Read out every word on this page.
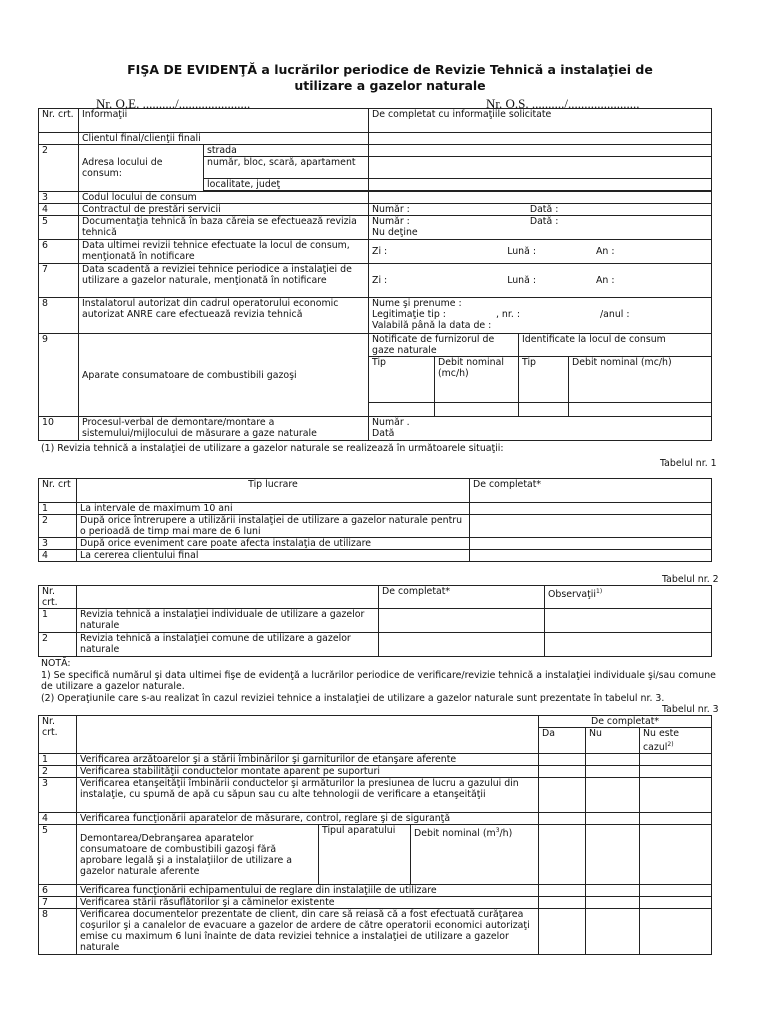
FIŞA DE EVIDENŢĂ a lucrărilor periodice de Revizie Tehnică a instalaţiei de
utilizare a gazelor naturale
Nr. O.E. ........../......................	Nr. O.S. ........../......................
Nr. crt.	Informaţii		De completat cu informaţiile solicitate			
	Clientul final/clienţii finali					
2	Adresa locului de consum:	strada				
		număr, bloc, scară, apartament				
		localitate, judeţ				

3	Codul locului de consum					
4	Contractul de prestări servicii		Număr : Dată :			
5	Documentaţia tehnică în baza căreia se efectuează revizia tehnică		Număr : Dată :
Nu deţine			

6	Data ultimei revizii tehnice efectuate la locul de consum, menţionată în notificare		Zi : Lună : An :			
7	Data scadentă a reviziei tehnice periodice a instalaţiei de utilizare a gazelor naturale, menţionată în notificare		Zi : Lună : An :			
8	Instalatorul autorizat din cadrul operatorului economic autorizat ANRE care efectuează revizia tehnică		Nume şi prenume :
Legitimaţie tip : , nr. : /anul :
Valabilă până la data de :			

9	Aparate consumatoare de combustibili gazoşi		Notificate de furnizorul de gaze naturale		Identificate la locul de consum	
			Tip	Debit nominal (mc/h)	Tip	Debit nominal (mc/h)

10	Procesul-verbal de demontare/montare a sistemului/mijlocului de măsurare a gaze naturale		Număr .
Dată			
(1) Revizia tehnică a instalaţiei de utilizare a gazelor naturale se realizează în următoarele situaţii:
Tabelul nr. 1
Nr. crt	Tip lucrare	De completat*
1	La intervale de maximum 10 ani	
2	După orice întrerupere a utilizării instalaţiei de utilizare a gazelor naturale pentru o perioadă de timp mai mare de 6 luni	
3	După orice eveniment care poate afecta instalaţia de utilizare	
4	La cererea clientului final	
Tabelul nr. 2
Nr. crt.		De completat*	Observaţii$^{1)}$
1	Revizia tehnică a instalaţiei individuale de utilizare a gazelor naturale		
2	Revizia tehnică a instalaţiei comune de utilizare a gazelor naturale		
NOTĂ:
1) Se specifică numărul şi data ultimei fişe de evidenţă a lucrărilor periodice de verificare/revizie tehnică a instalaţiei individuale şi/sau comune de utilizare a gazelor naturale.
(2) Operaţiunile care s-au realizat în cazul reviziei tehnice a instalaţiei de utilizare a gazelor naturale sunt prezentate în tabelul nr. 3.
Tabelul nr. 3
Nr. crt.				De completat*		
				Da	Nu	Nu este cazul$^{2)}$
1	Verificarea arzătoarelor şi a stării îmbinărilor şi garniturilor de etanşare aferente					
2	Verificarea stabilităţii conductelor montate aparent pe suporturi					
3	Verificarea etanşeităţii îmbinării conductelor şi armăturilor la presiunea de lucru a gazului din instalaţie, cu spumă de apă cu săpun sau cu alte tehnologii de verificare a etanşeităţii					
4	Verificarea funcţionării aparatelor de măsurare, control, reglare şi de siguranţă					
5	Demontarea/Debranşarea aparatelor consumatoare de combustibili gazoşi fără aprobare legală şi a instalaţiilor de utilizare a gazelor naturale aferente	Tipul aparatului	Debit nominal $(m^3/h)$			
6	Verificarea funcţionării echipamentului de reglare din instalaţiile de utilizare					
7	Verificarea stării răsuflătorilor şi a căminelor existente					
8	Verificarea documentelor prezentate de client, din care să reiasă că a fost efectuată curăţarea coşurilor şi a canalelor de evacuare a gazelor de ardere de către operatorii economici autorizaţi emise cu maximum 6 luni înainte de data reviziei tehnice a instalaţiei de utilizare a gazelor naturale					
